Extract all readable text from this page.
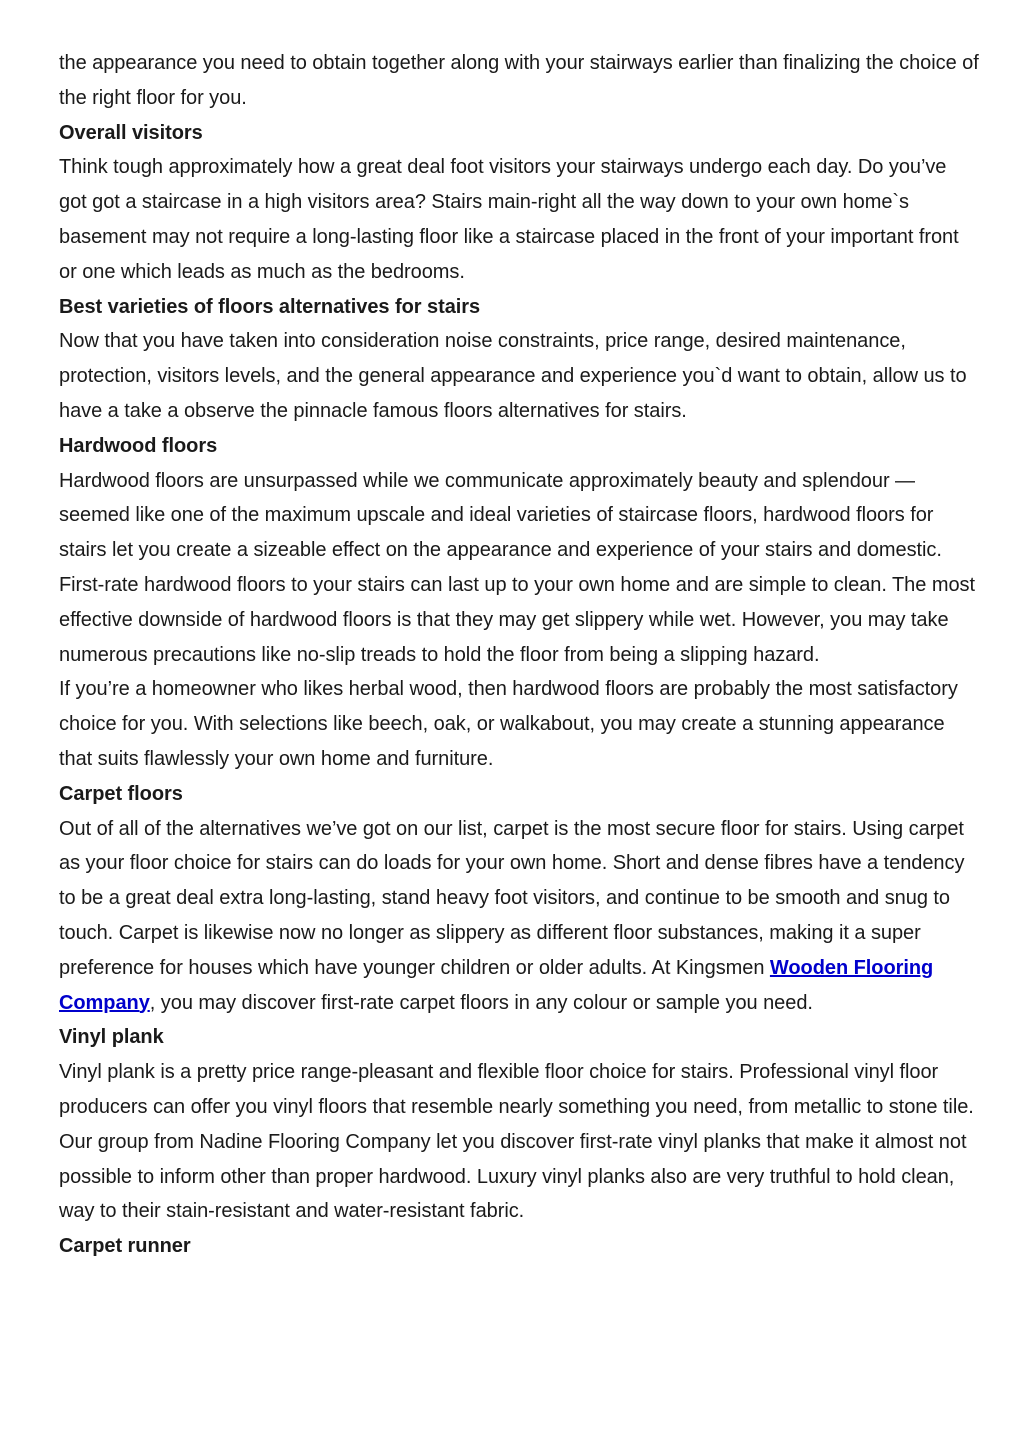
the appearance you need to obtain together along with your stairways earlier than finalizing the choice of the right floor for you.

Overall visitors

Think tough approximately how a great deal foot visitors your stairways undergo each day. Do you’ve got got a staircase in a high visitors area? Stairs main-right all the way down to your own home`s basement may not require a long-lasting floor like a staircase placed in the front of your important front or one which leads as much as the bedrooms.

Best varieties of floors alternatives for stairs

Now that you have taken into consideration noise constraints, price range, desired maintenance, protection, visitors levels, and the general appearance and experience you`d want to obtain, allow us to have a take a observe the pinnacle famous floors alternatives for stairs.

Hardwood floors

Hardwood floors are unsurpassed while we communicate approximately beauty and splendour — seemed like one of the maximum upscale and ideal varieties of staircase floors, hardwood floors for stairs let you create a sizeable effect on the appearance and experience of your stairs and domestic. First-rate hardwood floors to your stairs can last up to your own home and are simple to clean. The most effective downside of hardwood floors is that they may get slippery while wet. However, you may take numerous precautions like no-slip treads to hold the floor from being a slipping hazard.

If you’re a homeowner who likes herbal wood, then hardwood floors are probably the most satisfactory choice for you. With selections like beech, oak, or walkabout, you may create a stunning appearance that suits flawlessly your own home and furniture.

Carpet floors

Out of all of the alternatives we’ve got on our list, carpet is the most secure floor for stairs. Using carpet as your floor choice for stairs can do loads for your own home. Short and dense fibres have a tendency to be a great deal extra long-lasting, stand heavy foot visitors, and continue to be smooth and snug to touch. Carpet is likewise now no longer as slippery as different floor substances, making it a super preference for houses which have younger children or older adults. At Kingsmen Wooden Flooring Company, you may discover first-rate carpet floors in any colour or sample you need.

Vinyl plank

Vinyl plank is a pretty price range-pleasant and flexible floor choice for stairs. Professional vinyl floor producers can offer you vinyl floors that resemble nearly something you need, from metallic to stone tile. Our group from Nadine Flooring Company let you discover first-rate vinyl planks that make it almost not possible to inform other than proper hardwood. Luxury vinyl planks also are very truthful to hold clean, way to their stain-resistant and water-resistant fabric.

Carpet runner
